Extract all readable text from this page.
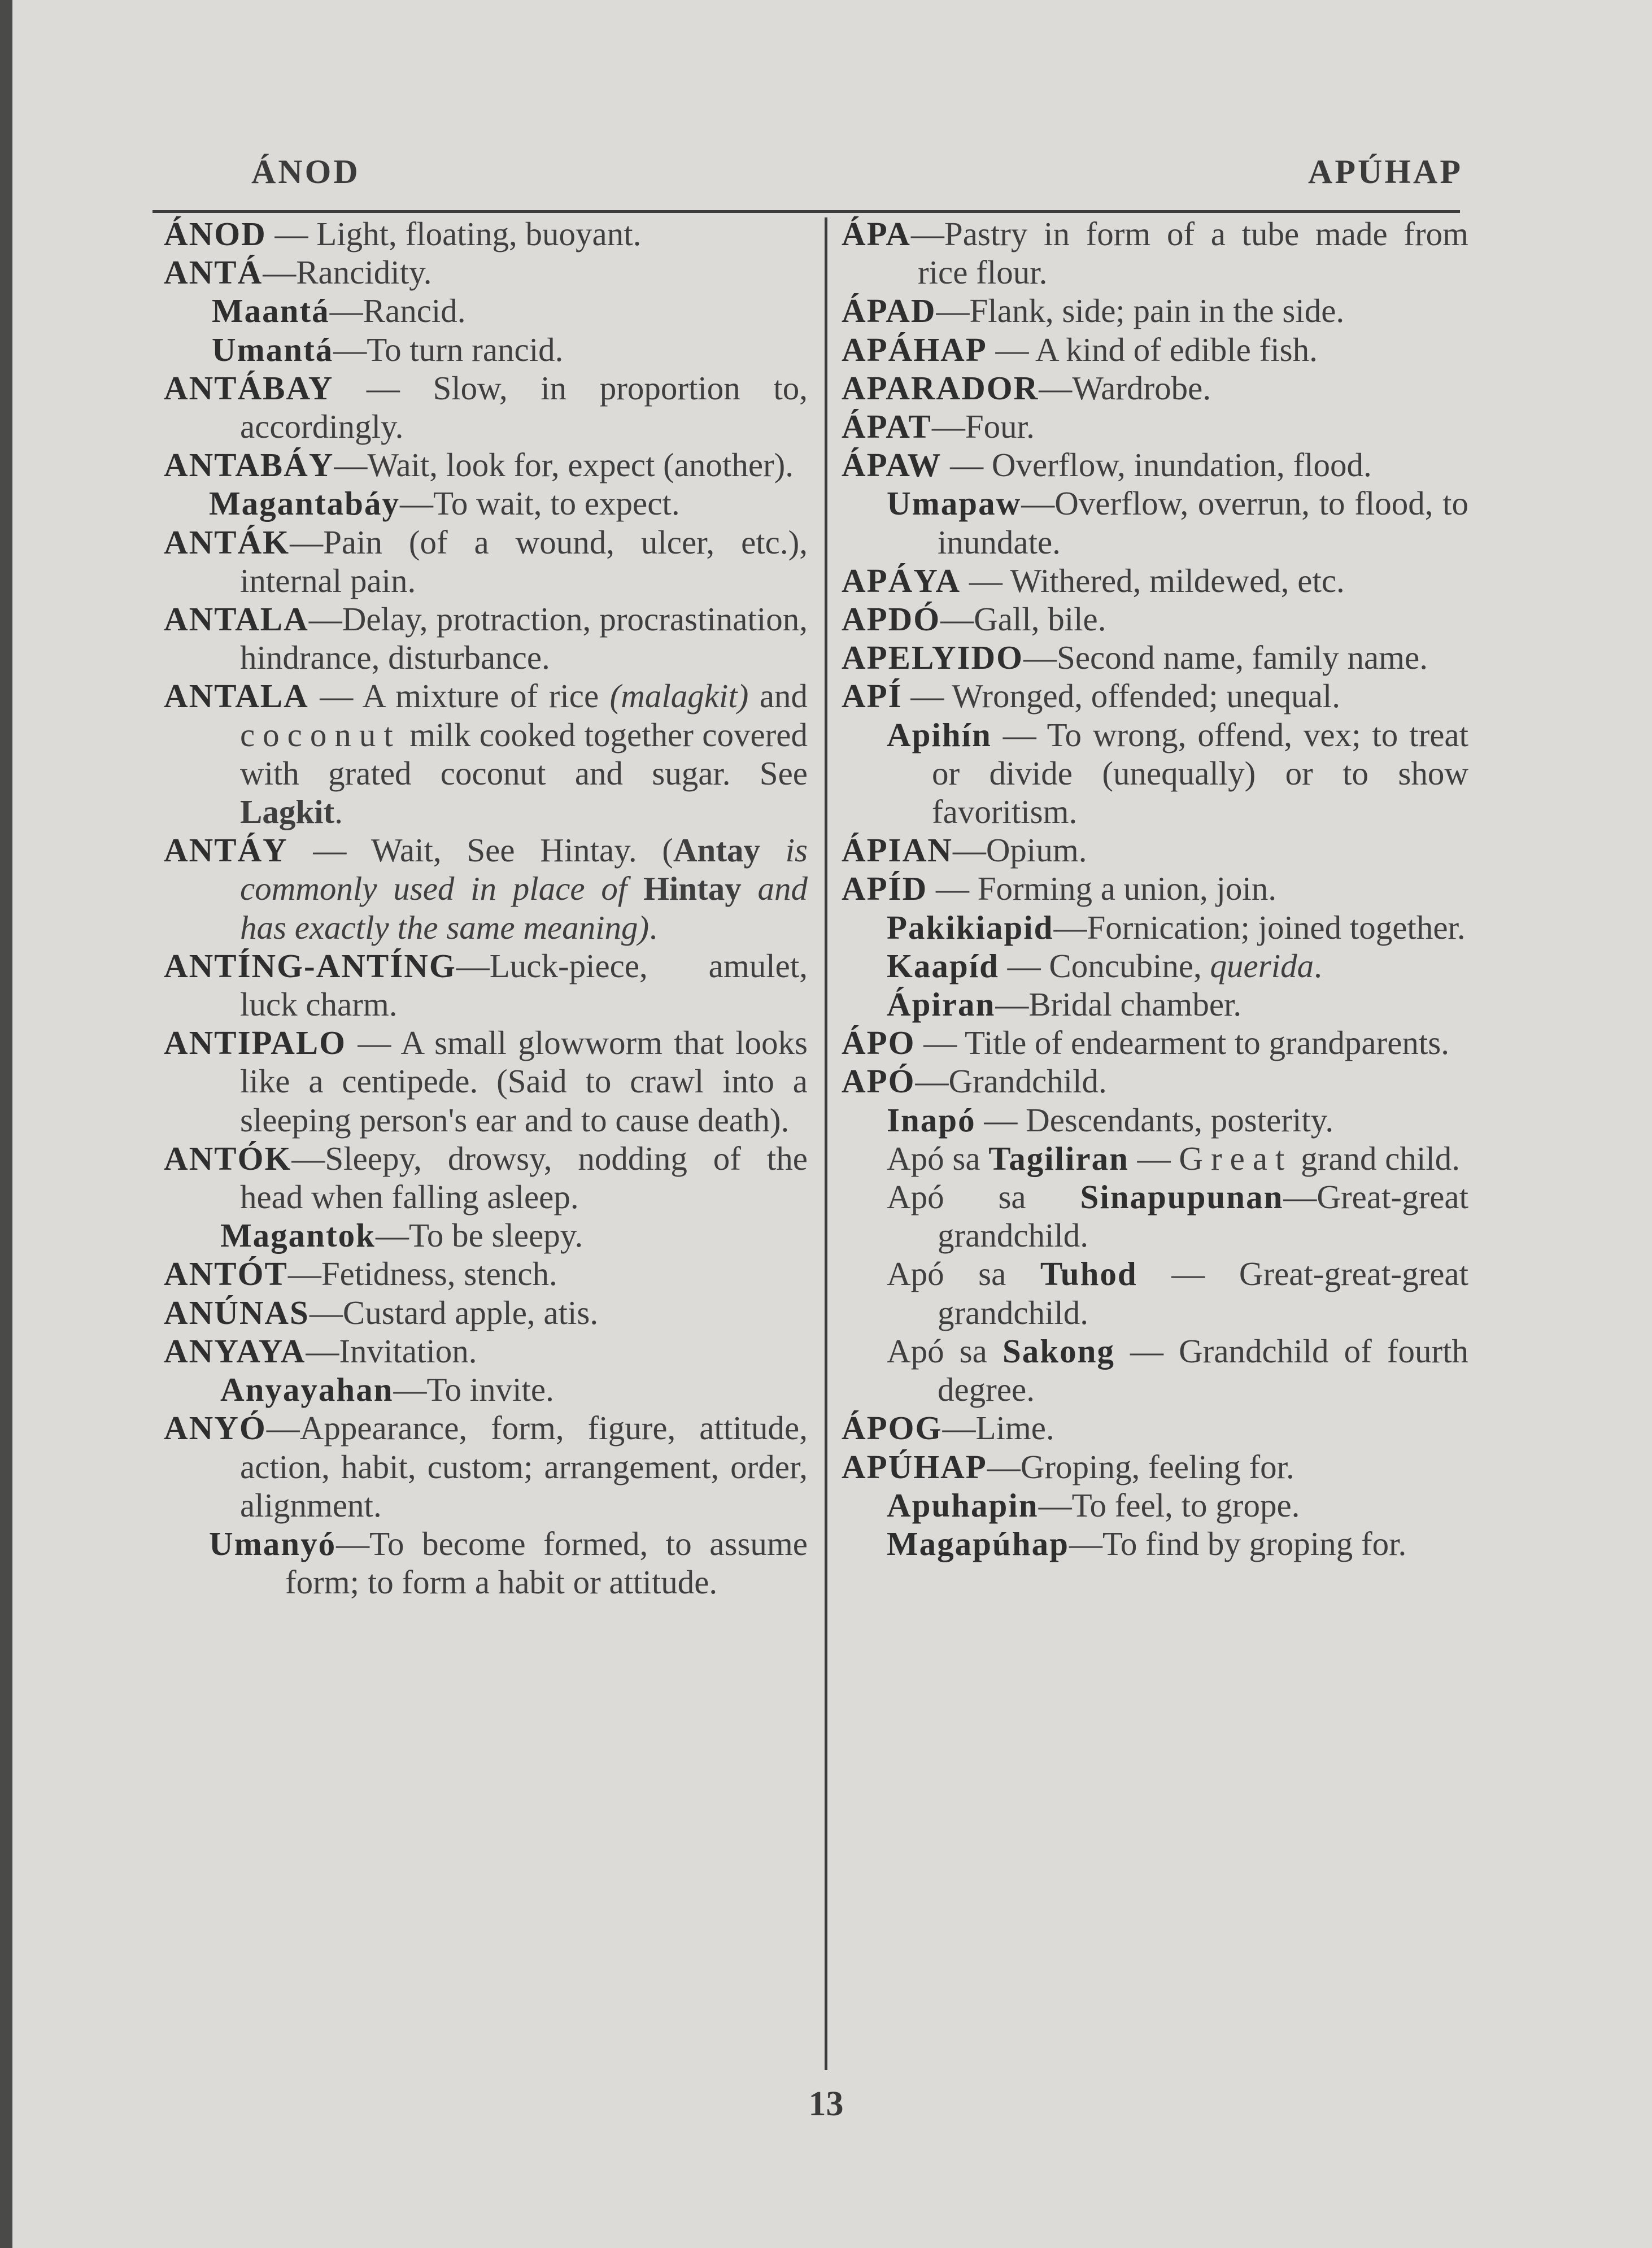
ÁNOD	APÚHAP

ÁNOD — Light, floating, buoyant.

ANTÁ—Rancidity.

Maantá—Rancid.

Umantá—To turn rancid.

ANTÁBAY — Slow, in proportion to, accordingly.

ANTABÁY—Wait, look for, expect (another).

Magantabáy—To wait, to expect.

ANTÁK—Pain (of a wound, ulcer, etc.), internal pain.

ANTALA—Delay, protraction, procrastination, hindrance, disturbance.

ANTALA — A mixture of rice (malagkit) and coconut milk cooked together covered with grated coconut and sugar. See Lagkit.

ANTÁY — Wait, See Hintay. (Antay is commonly used in place of Hintay and has exactly the same meaning).

ANTÍNG-ANTÍNG—Luck-piece, amulet, luck charm.

ANTIPALO — A small glowworm that looks like a centipede. (Said to crawl into a sleeping person's ear and to cause death).

ANTÓK—Sleepy, drowsy, nodding of the head when falling asleep.

Magantok—To be sleepy.

ANTÓT—Fetidness, stench.

ANÚNAS—Custard apple, atis.

ANYAYA—Invitation.

Anyayahan—To invite.

ANYÓ—Appearance, form, figure, attitude, action, habit, custom; arrangement, order, alignment.

Umanyó—To become formed, to assume form; to form a habit or attitude.

ÁPA—Pastry in form of a tube made from rice flour.

ÁPAD—Flank, side; pain in the side.

APÁHAP — A kind of edible fish.

APARADOR—Wardrobe.

ÁPAT—Four.

ÁPAW — Overflow, inundation, flood.

Umapaw—Overflow, overrun, to flood, to inundate.

APÁYA — Withered, mildewed, etc.

APDÓ—Gall, bile.

APELYIDO—Second name, family name.

APÍ — Wronged, offended; unequal.

Apihín — To wrong, offend, vex; to treat or divide (unequally) or to show favoritism.

ÁPIAN—Opium.

APÍD — Forming a union, join.

Pakikiapid—Fornication; joined together.

Kaapíd — Concubine, querida.

Ápiran—Bridal chamber.

ÁPO — Title of endearment to grandparents.

APÓ—Grandchild.

Inapó — Descendants, posterity.

Apó sa Tagiliran — Great grand child.

Apó sa Sinapupunan—Great-great grandchild.

Apó sa Tuhod — Great-great-great grandchild.

Apó sa Sakong — Grandchild of fourth degree.

ÁPOG—Lime.

APÚHAP—Groping, feeling for.

Apuhapin—To feel, to grope.

Magapúhap—To find by groping for.

13
